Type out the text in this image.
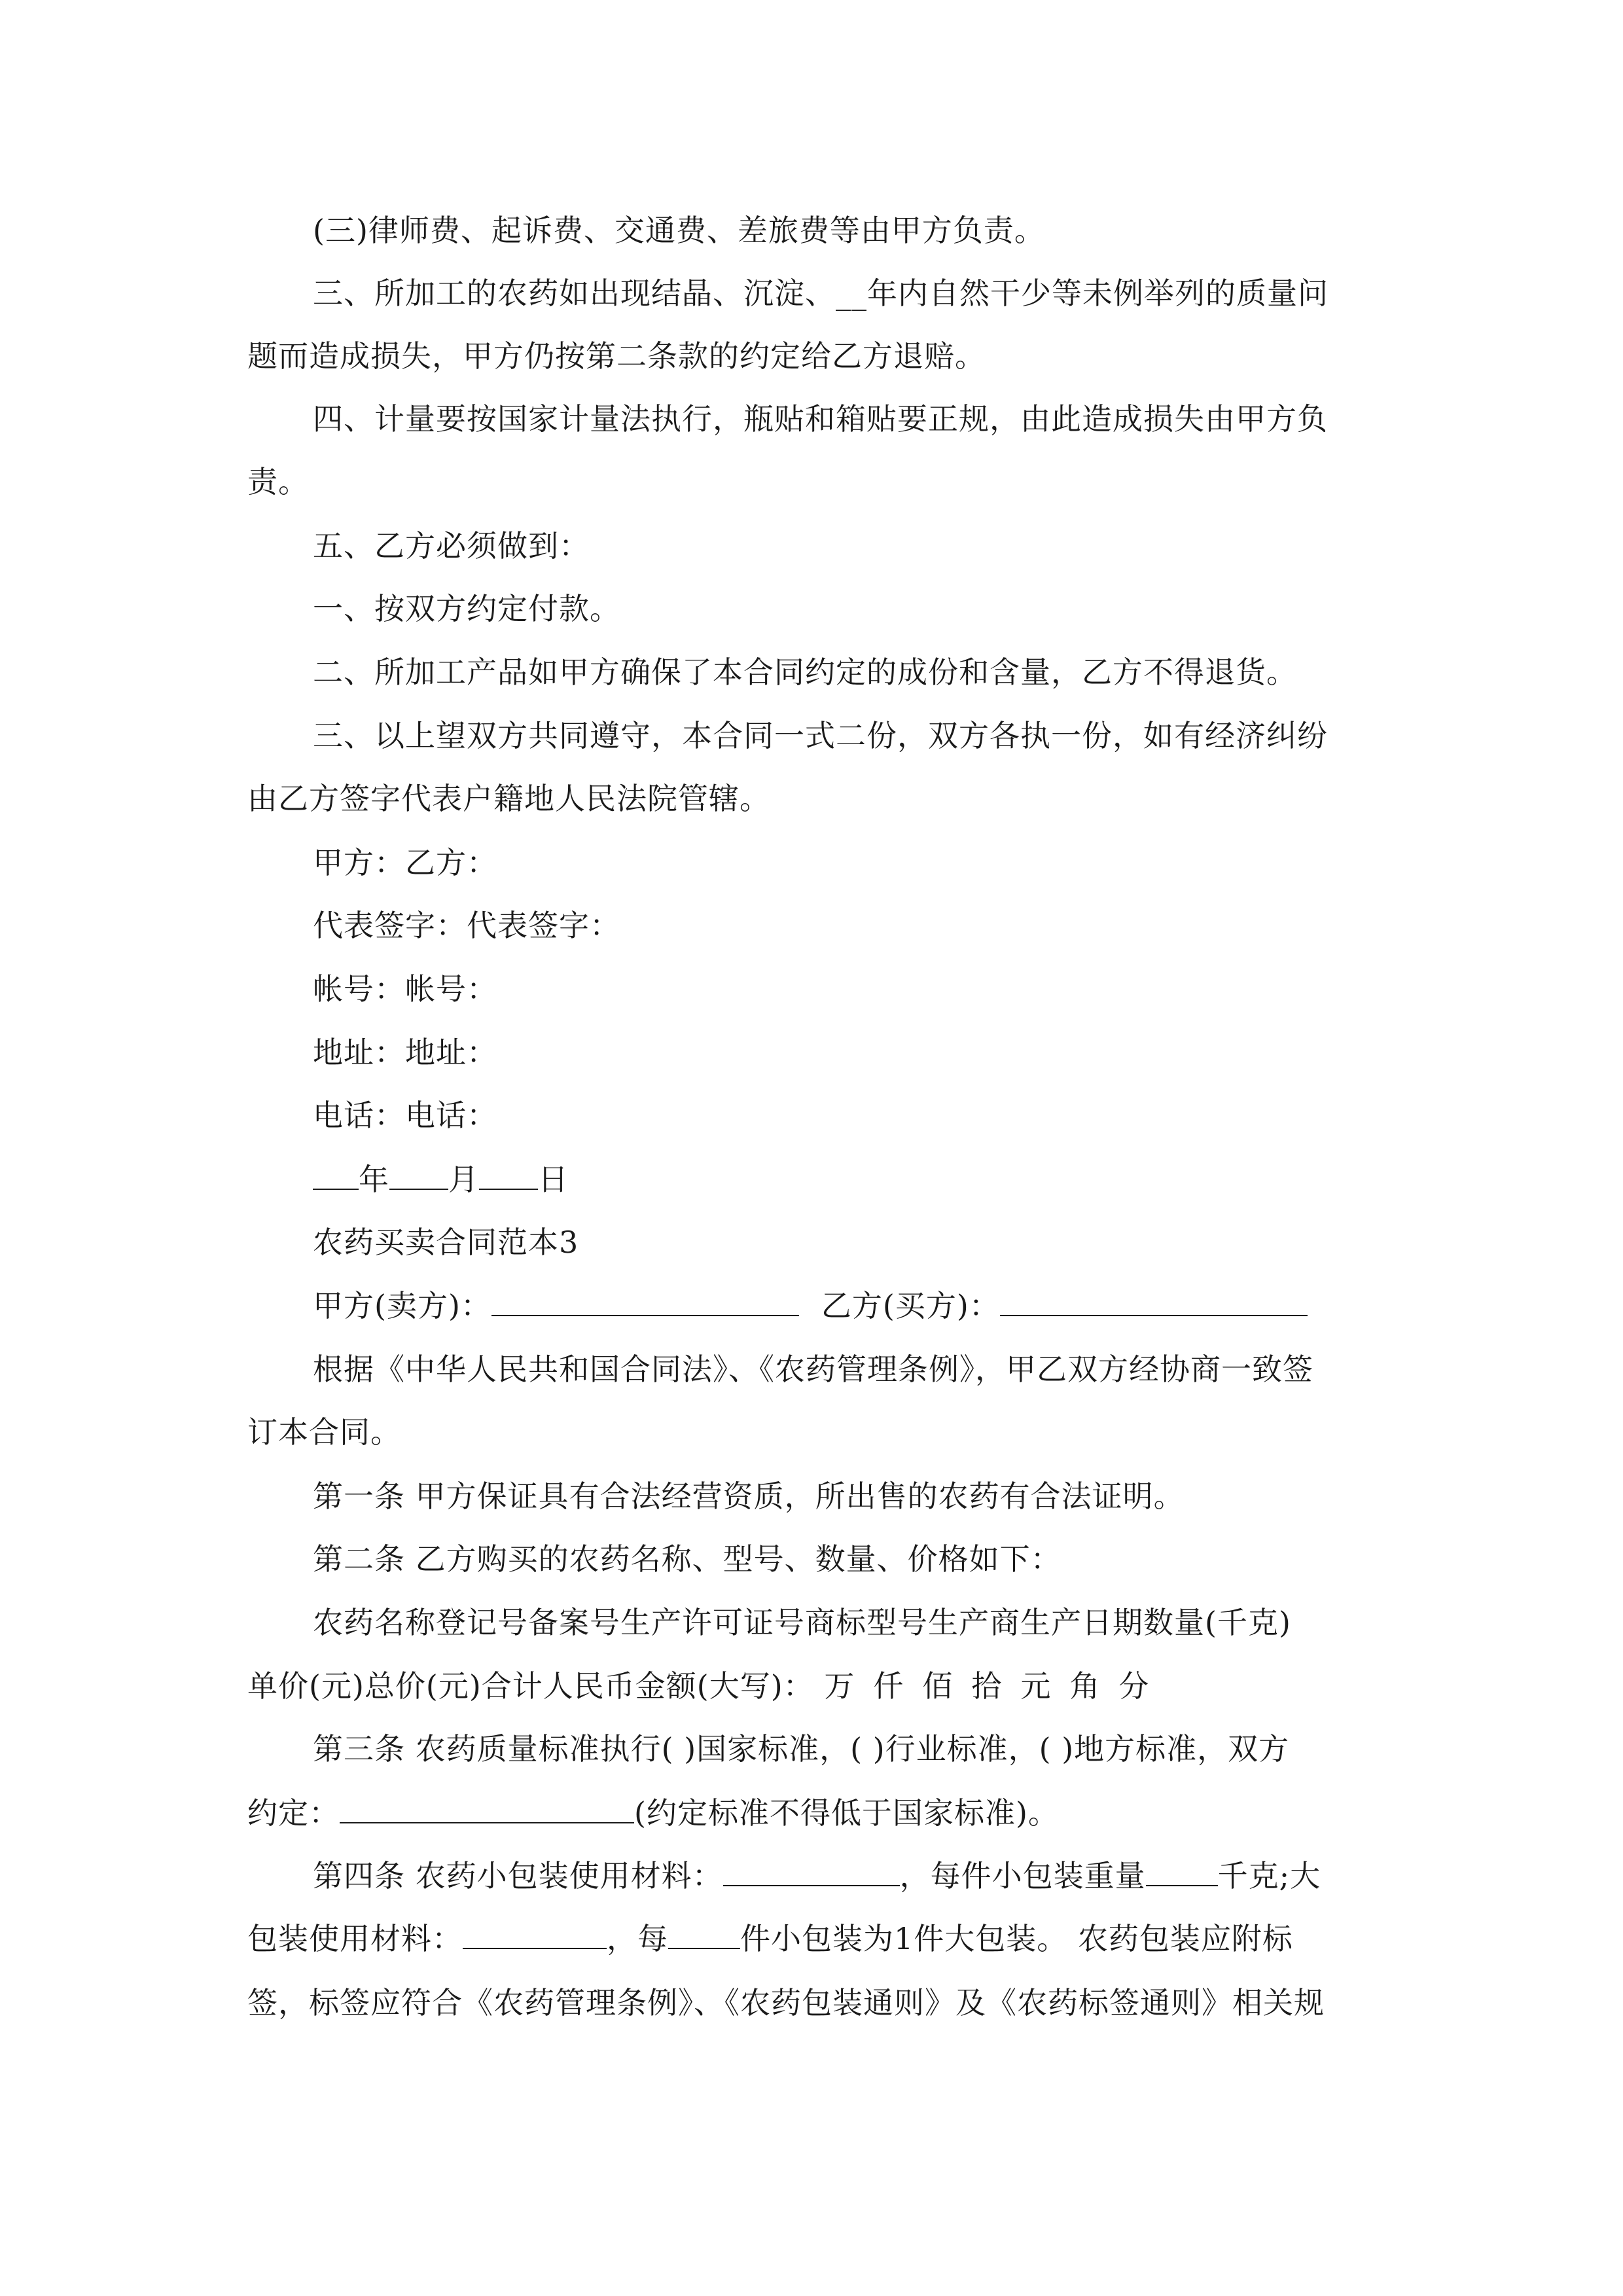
(三)律师费、起诉费、交通费、差旅费等由甲方负责。
三、所加工的农药如出现结晶、沉淀、__年内自然干少等未例举列的质量问
题而造成损失，甲方仍按第二条款的约定给乙方退赔。
四、计量要按国家计量法执行，瓶贴和箱贴要正规，由此造成损失由甲方负
责。
五、乙方必须做到：
一、按双方约定付款。
二、所加工产品如甲方确保了本合同约定的成份和含量，乙方不得退货。
三、以上望双方共同遵守，本合同一式二份，双方各执一份，如有经济纠纷
由乙方签字代表户籍地人民法院管辖。
甲方：乙方：
代表签字：代表签字：
帐号：帐号：
地址：地址：
电话：电话：
年 月 日
农药买卖合同范本3
甲方(卖方)：	乙方(买方)：
根据《中华人民共和国合同法》、《农药管理条例》，甲乙双方经协商一致签
订本合同。
第一条 甲方保证具有合法经营资质，所出售的农药有合法证明。
第二条 乙方购买的农药名称、型号、数量、价格如下：
农药名称登记号备案号生产许可证号商标型号生产商生产日期数量(千克)
单价(元)总价(元)合计人民币金额(大写)： 万 仟 佰 拾 元 角 分
第三条 农药质量标准执行( )国家标准，( )行业标准，( )地方标准，双方
约定：	(约定标准不得低于国家标准)。
第四条 农药小包装使用材料：	，每件小包装重量 千克;大
包装使用材料：	，每 件小包装为1件大包装。 农药包装应附标
签，标签应符合《农药管理条例》、《农药包装通则》及《农药标签通则》相关规
